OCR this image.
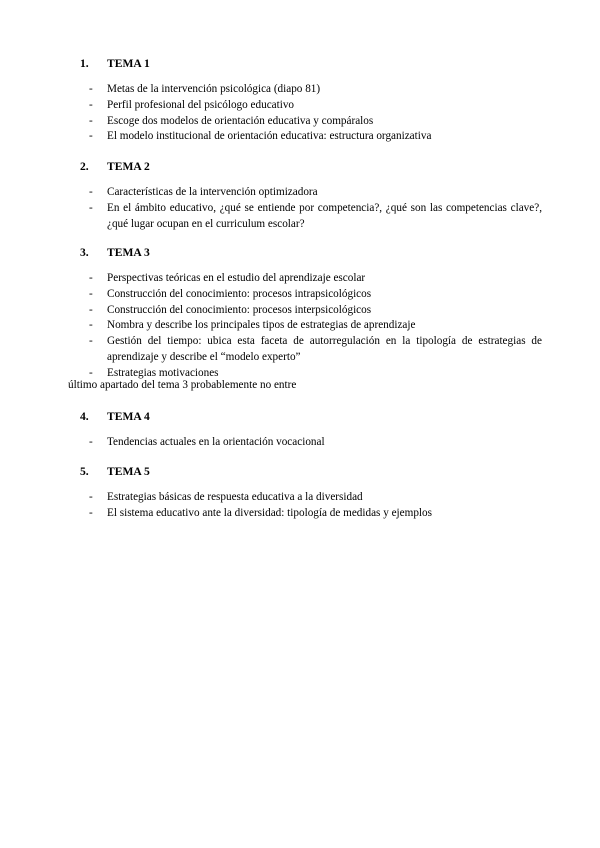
1. TEMA 1
- Metas de la intervención psicológica (diapo 81)
- Perfil profesional del psicólogo educativo
- Escoge dos modelos de orientación educativa y compáralos
- El modelo institucional de orientación educativa: estructura organizativa
2. TEMA 2
- Características de la intervención optimizadora
- En el ámbito educativo, ¿qué se entiende por competencia?, ¿qué son las competencias clave?, ¿qué lugar ocupan en el curriculum escolar?
3. TEMA 3
- Perspectivas teóricas en el estudio del aprendizaje escolar
- Construcción del conocimiento: procesos intrapsicológicos
- Construcción del conocimiento: procesos interpsicológicos
- Nombra y describe los principales tipos de estrategias de aprendizaje
- Gestión del tiempo: ubica esta faceta de autorregulación en la tipología de estrategias de aprendizaje y describe el “modelo experto”
- Estrategias motivaciones
último apartado del tema 3 probablemente no entre
4. TEMA 4
- Tendencias actuales en la orientación vocacional
5. TEMA 5
- Estrategias básicas de respuesta educativa a la diversidad
- El sistema educativo ante la diversidad: tipología de medidas y ejemplos
